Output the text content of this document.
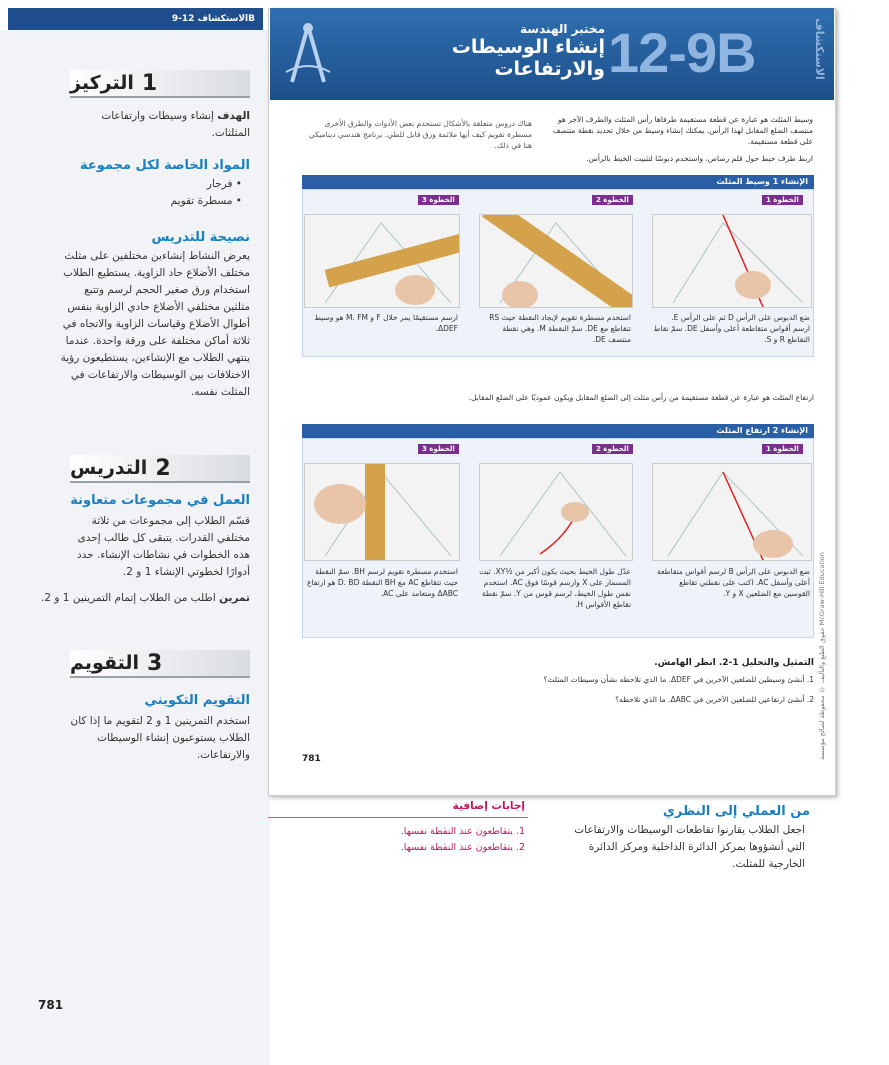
الاستكشاف 12-9B
1
التركيز
الهدف إنشاء وسيطات وارتفاعات المثلثات.
المواد الخاصة لكل مجموعة
• فرجار
• مسطرة تقويم
نصيحة للتدريس
يعرض النشاط إنشاءين مختلفين على مثلث مختلف الأضلاع حاد الزاوية. يستطيع الطلاب استخدام ورق صغير الحجم لرسم وتتبع مثلثين مختلفي الأضلاع حادي الزاوية بنفس أطوال الأضلاع وقياسات الزاوية والاتجاه في ثلاثة أماكن مختلفة على ورقة واحدة. عندما ينتهي الطلاب مع الإنشاءين، يستطيعون رؤية الاختلافات بين الوسيطات والارتفاعات في المثلث نفسه.
2
التدريس
العمل في مجموعات متعاونة
قسّم الطلاب إلى مجموعات من ثلاثة مختلفي القدرات. يتبقى كل طالب إحدى هذه الخطوات في نشاطات الإنشاء. حدد أدوارًا لخطوتي الإنشاء 1 و 2.
تمرين اطلب من الطلاب إتمام التمرينين 1 و 2.
3
التقويم
التقويم التكويني
استخدم التمرينين 1 و 2 لتقويم ما إذا كان الطلاب يستوعبون إنشاء الوسيطات والارتفاعات.
مختبر الهندسة
إنشاء الوسيطات
والارتفاعات 12-9B	الاستكشاف
وسيط المثلث هو عبارة عن قطعة مستقيمة طرفاها رأس المثلث والطرف الآخر هو منتصف الضلع المقابل لهذا الرأس. يمكنك إنشاء وسيط من خلال تحديد نقطة منتصف على قطعة مستقيمة.
هناك دروس متعلقة بالأشكال تستخدم بعض الأدوات والطرق الأخرى مسطرة تقويم كيف أيها ملائمة ورق قابل للطي. برنامج هندسي ديناميكي هنا في ذلك.
اربط طرف خيط حول قلم رصاص، واستخدم دبوسًا لتثبيت الخيط بالرأس.
الإنشاء 1 وسيط المثلث
الخطوة 1
الخطوة 2
الخطوة 3
ضع الدبوس على الرأس D ثم على الرأس E. ارسم أقواس متقاطعة أعلى وأسفل DE. سمّ نقاط التقاطع R و S.
استخدم مسطرة تقويم لإيجاد النقطة حيث RS تتقاطع مع DE. سمّ النقطة M. وهي نقطة منتصف DE.
ارسم مستقيمًا يمر خلال F و M. FM هو وسيط ΔDEF.
ارتفاع المثلث هو عبارة عن قطعة مستقيمة من رأس مثلث إلى الضلع المقابل ويكون عموديًا على الضلع المقابل.
الإنشاء 2 ارتفاع المثلث
الخطوة 1
الخطوة 2
الخطوة 3
ضع الدبوس على الرأس B لرسم أقواس متقاطعة أعلى وأسفل AC. اكتب على نقطتي تقاطع القوسين مع الضلعين X و Y.
عدّل طول الخيط بحيث يكون أكبر من ½XY. ثبت المسمار على X وارسم قوسًا فوق AC. استخدم نفس طول الخيط، لرسم قوس من Y. سمّ نقطة تقاطع الأقواس H.
استخدم مسطرة تقويم لرسم BH. سمّ النقطة حيث تتقاطع AC مع BH النقطة D. BD هو ارتفاع ΔABC ومتعامد على AC.
التمثيل والتحليل 1-2. انظر الهامش.
1. أنشئ وسيطين للضلعين الآخرين في ΔDEF. ما الذي تلاحظه بشأن وسيطات المثلث؟
2. أنشئ ارتفاعين للضلعين الآخرين في ΔABC. ما الذي تلاحظه؟
781	حقوق الطبع والتأليف © محفوظة لصالح مؤسسة McGraw-Hill Education
من العملي إلى النظري
اجعل الطلاب يقارنوا تقاطعات الوسيطات والارتفاعات التي أنشؤوها بمركز الدائرة الداخلية ومركز الدائرة الخارجية للمثلث.
إجابات إضافية
1. يتقاطعون عند النقطة نفسها.
2. يتقاطعون عند النقطة نفسها.
781
